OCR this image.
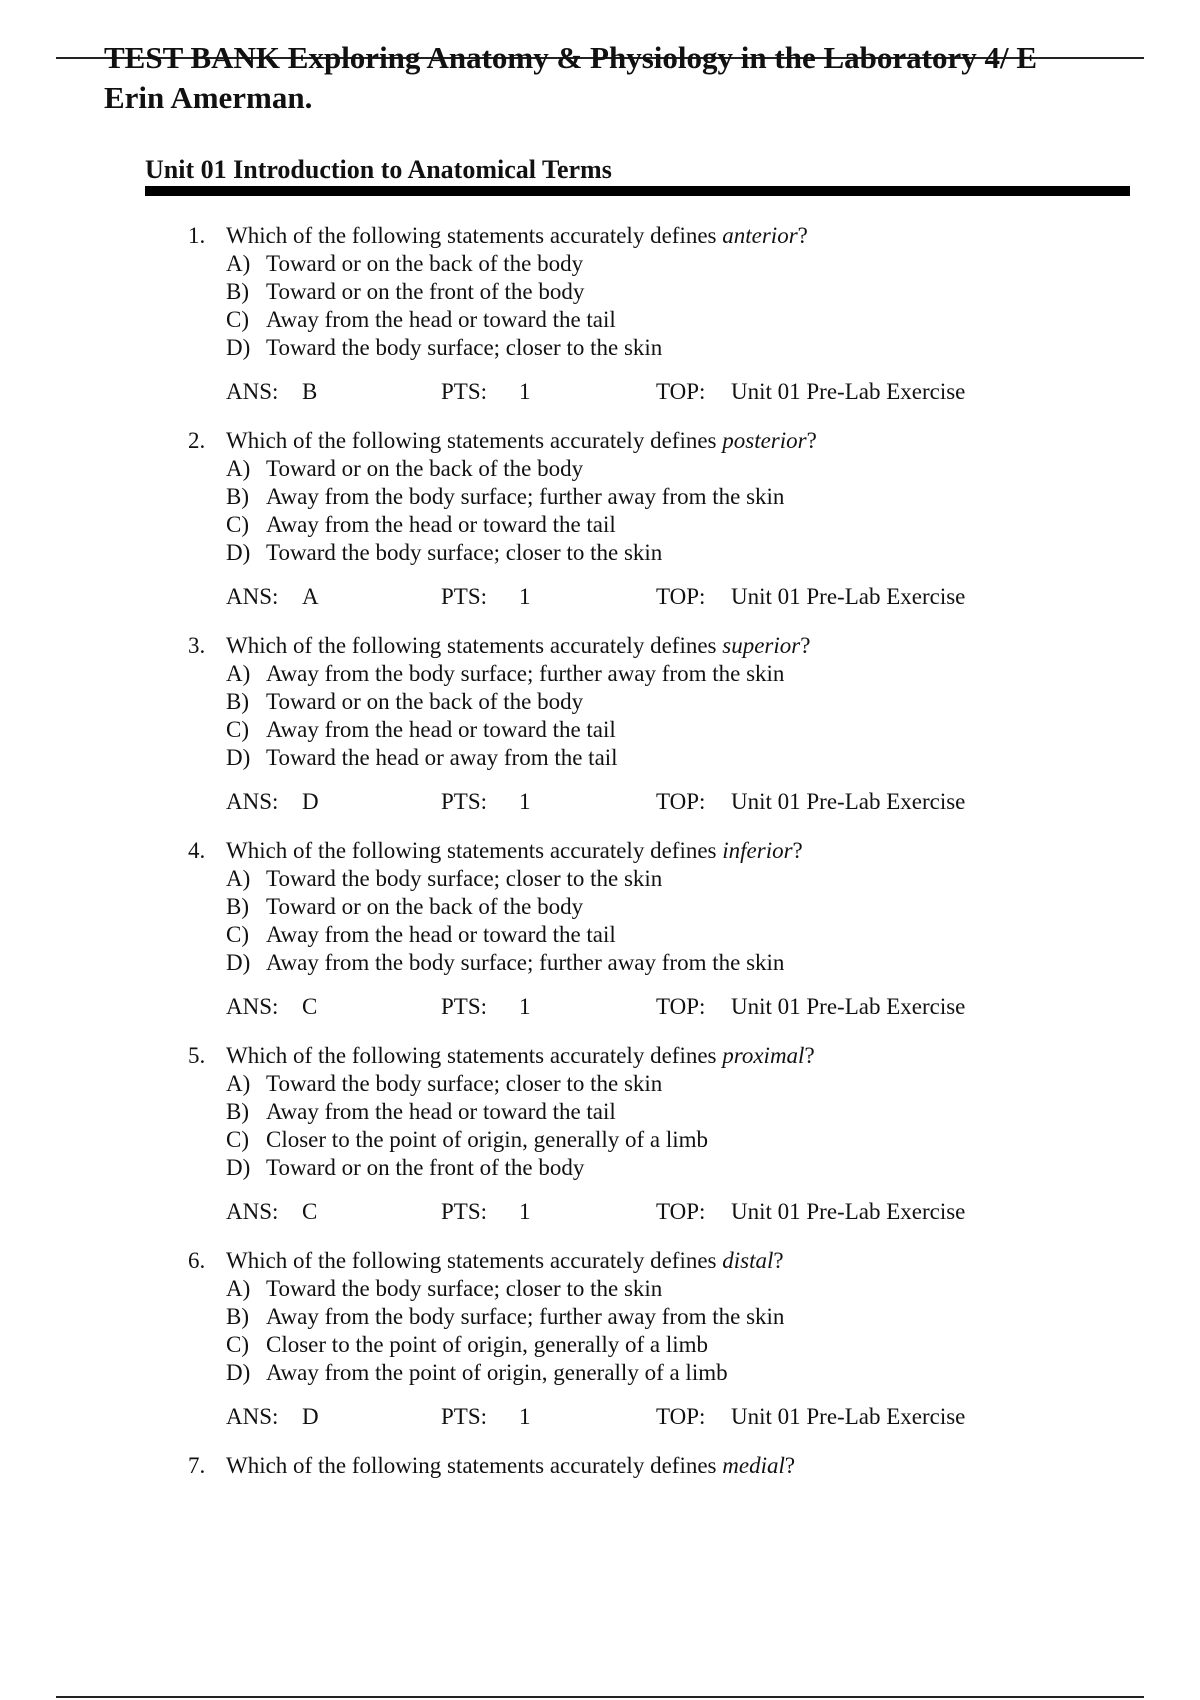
TEST BANK Exploring Anatomy & Physiology in the Laboratory 4/ E Erin Amerman.
Unit 01 Introduction to Anatomical Terms
1. Which of the following statements accurately defines anterior?
A) Toward or on the back of the body
B) Toward or on the front of the body
C) Away from the head or toward the tail
D) Toward the body surface; closer to the skin
ANS: B	PTS: 1	TOP: Unit 01 Pre-Lab Exercise
2. Which of the following statements accurately defines posterior?
A) Toward or on the back of the body
B) Away from the body surface; further away from the skin
C) Away from the head or toward the tail
D) Toward the body surface; closer to the skin
ANS: A	PTS: 1	TOP: Unit 01 Pre-Lab Exercise
3. Which of the following statements accurately defines superior?
A) Away from the body surface; further away from the skin
B) Toward or on the back of the body
C) Away from the head or toward the tail
D) Toward the head or away from the tail
ANS: D	PTS: 1	TOP: Unit 01 Pre-Lab Exercise
4. Which of the following statements accurately defines inferior?
A) Toward the body surface; closer to the skin
B) Toward or on the back of the body
C) Away from the head or toward the tail
D) Away from the body surface; further away from the skin
ANS: C	PTS: 1	TOP: Unit 01 Pre-Lab Exercise
5. Which of the following statements accurately defines proximal?
A) Toward the body surface; closer to the skin
B) Away from the head or toward the tail
C) Closer to the point of origin, generally of a limb
D) Toward or on the front of the body
ANS: C	PTS: 1	TOP: Unit 01 Pre-Lab Exercise
6. Which of the following statements accurately defines distal?
A) Toward the body surface; closer to the skin
B) Away from the body surface; further away from the skin
C) Closer to the point of origin, generally of a limb
D) Away from the point of origin, generally of a limb
ANS: D	PTS: 1	TOP: Unit 01 Pre-Lab Exercise
7. Which of the following statements accurately defines medial?
